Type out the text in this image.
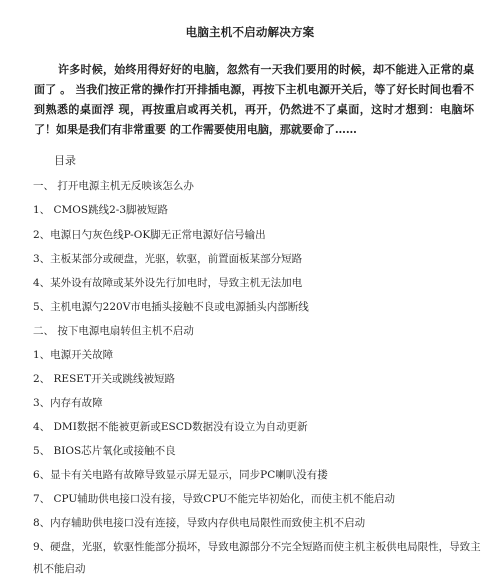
电脑主机不启动解决方案
许多时候，始终用得好好的电脑，忽然有一天我们要用的时候，却不能进入正常的桌面了 。 当我们按正常的操作打开排插电源，再按下主机电源开关后，等了好长时间也看不到熟悉的桌面浮 现，再按重启或再关机，再开，仍然进不了桌面，这时才想到：电脑坏了！如果是我们有非常重要 的工作需要使用电脑，那就要命了……
目录
一、 打开电源主机无反映该怎么办
1、 CMOS跳线2-3脚被短路
2、电源日勺灰色线P-OK脚无正常电源好信号输出
3、主板某部分或硬盘，光驱，软驱，前置面板某部分短路
4、某外设有故障或某外设先行加电时，导致主机无法加电
5、主机电源勺220V市电插头接触不良或电源插头内部断线
二、 按下电源电扇转但主机不启动
1、电源开关故障
2、 RESET开关或跳线被短路
3、内存有故障
4、 DMI数据不能被更新或ESCD数据没有设立为自动更新
5、 BIOS芯片氧化或接触不良
6、显卡有关电路有故障导致显示屏无显示，同步PC喇叭没有搂
7、 CPU辅助供电接口没有接，导致CPU不能完毕初始化，而使主机不能启动
8、内存辅助供电接口没有连接，导致内存供电局限性而致使主机不启动
9、硬盘，光驱，软驱性能部分损坏，导致电源部分不完全短路而使主机主板供电局限性，导致主机不能启动
